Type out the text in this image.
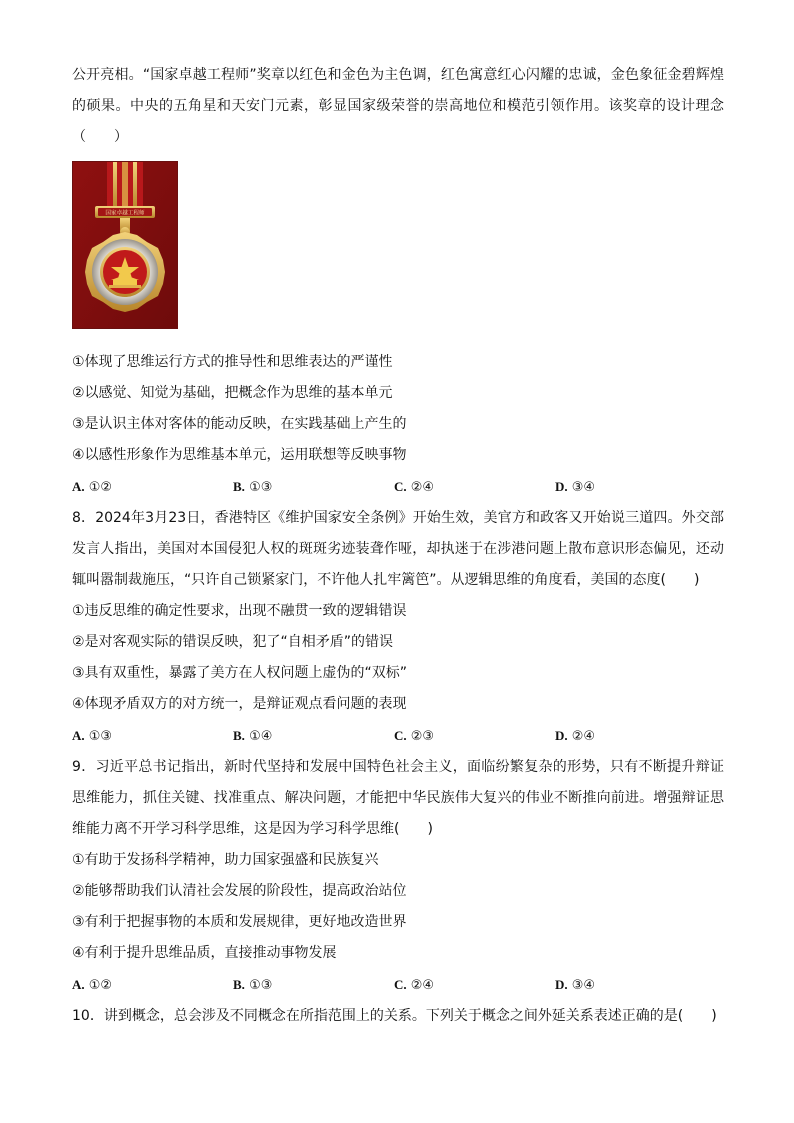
公开亮相。“国家卓越工程师”奖章以红色和金色为主色调，红色寓意红心闪耀的忠诚，金色象征金碧辉煌的硕果。中央的五角星和天安门元素，彰显国家级荣誉的崇高地位和模范引领作用。该奖章的设计理念（　　）
国家卓越工程师
①体现了思维运行方式的推导性和思维表达的严谨性
②以感觉、知觉为基础，把概念作为思维的基本单元
③是认识主体对客体的能动反映，在实践基础上产生的
④以感性形象作为思维基本单元，运用联想等反映事物
A. ①②	B. ①③	C. ②④	D. ③④
8．2024年3月23日，香港特区《维护国家安全条例》开始生效，美官方和政客又开始说三道四。外交部发言人指出，美国对本国侵犯人权的斑斑劣迹装聋作哑，却执迷于在涉港问题上散布意识形态偏见，还动辄叫嚣制裁施压，“只许自己锁紧家门，不许他人扎牢篱笆”。从逻辑思维的角度看，美国的态度(　　)
①违反思维的确定性要求，出现不融贯一致的逻辑错误
②是对客观实际的错误反映，犯了“自相矛盾”的错误
③具有双重性，暴露了美方在人权问题上虚伪的“双标”
④体现矛盾双方的对方统一，是辩证观点看问题的表现
A. ①③	B. ①④	C. ②③	D. ②④
9．习近平总书记指出，新时代坚持和发展中国特色社会主义，面临纷繁复杂的形势，只有不断提升辩证思维能力，抓住关键、找准重点、解决问题，才能把中华民族伟大复兴的伟业不断推向前进。增强辩证思维能力离不开学习科学思维，这是因为学习科学思维(　　)
①有助于发扬科学精神，助力国家强盛和民族复兴
②能够帮助我们认清社会发展的阶段性，提高政治站位
③有利于把握事物的本质和发展规律，更好地改造世界
④有利于提升思维品质，直接推动事物发展
A. ①②	B. ①③	C. ②④	D. ③④
10．讲到概念，总会涉及不同概念在所指范围上的关系。下列关于概念之间外延关系表述正确的是(　　)
